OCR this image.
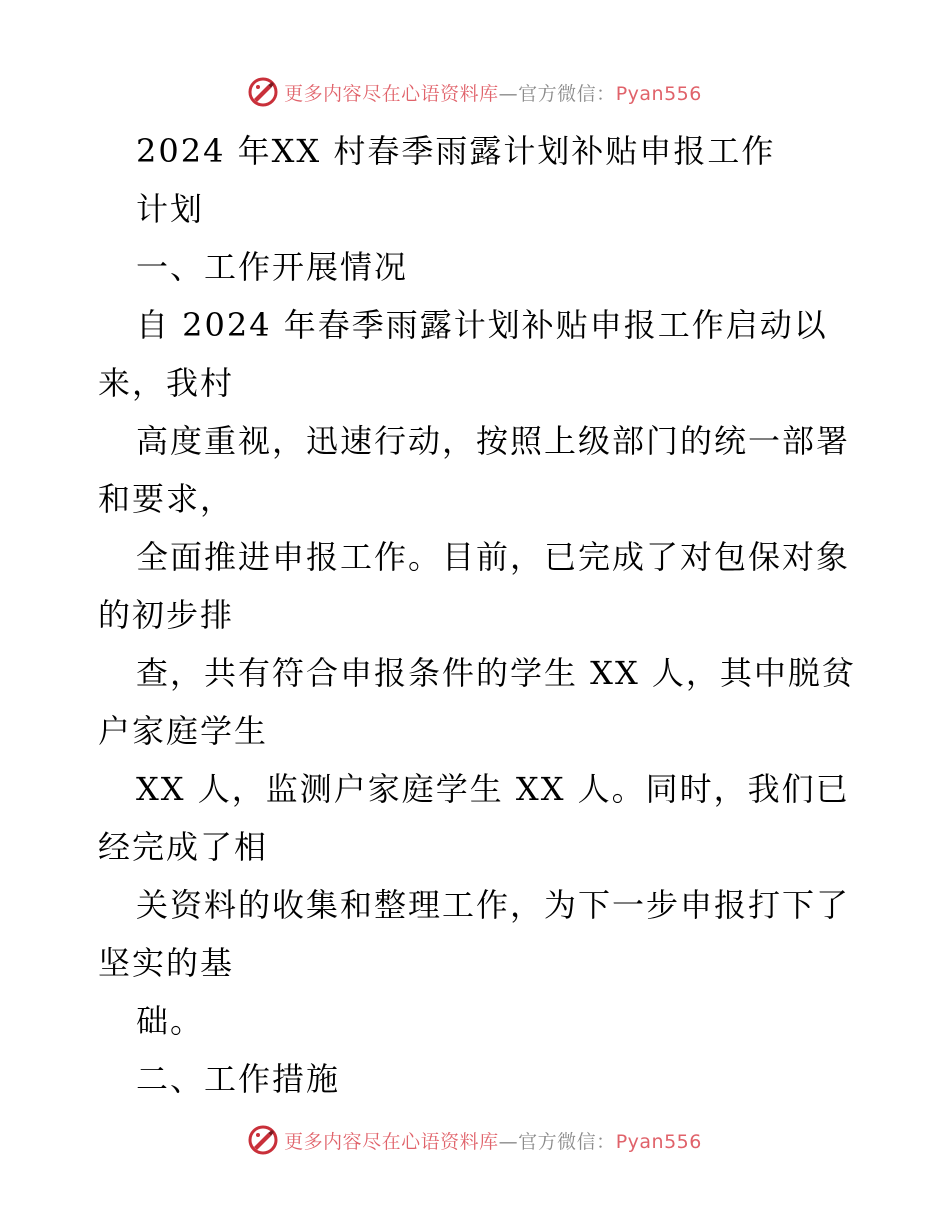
更多内容尽在心语资料库—官方微信：Pyan556
2024 年XX 村春季雨露计划补贴申报工作
计划
一、工作开展情况
自 2024 年春季雨露计划补贴申报工作启动以
来，我村
高度重视，迅速行动，按照上级部门的统一部署
和要求，
全面推进申报工作。目前，已完成了对包保对象
的初步排
查，共有符合申报条件的学生 XX 人，其中脱贫
户家庭学生
XX 人，监测户家庭学生 XX 人。同时，我们已
经完成了相
关资料的收集和整理工作，为下一步申报打下了
坚实的基
础。
二、工作措施
更多内容尽在心语资料库—官方微信：Pyan556
